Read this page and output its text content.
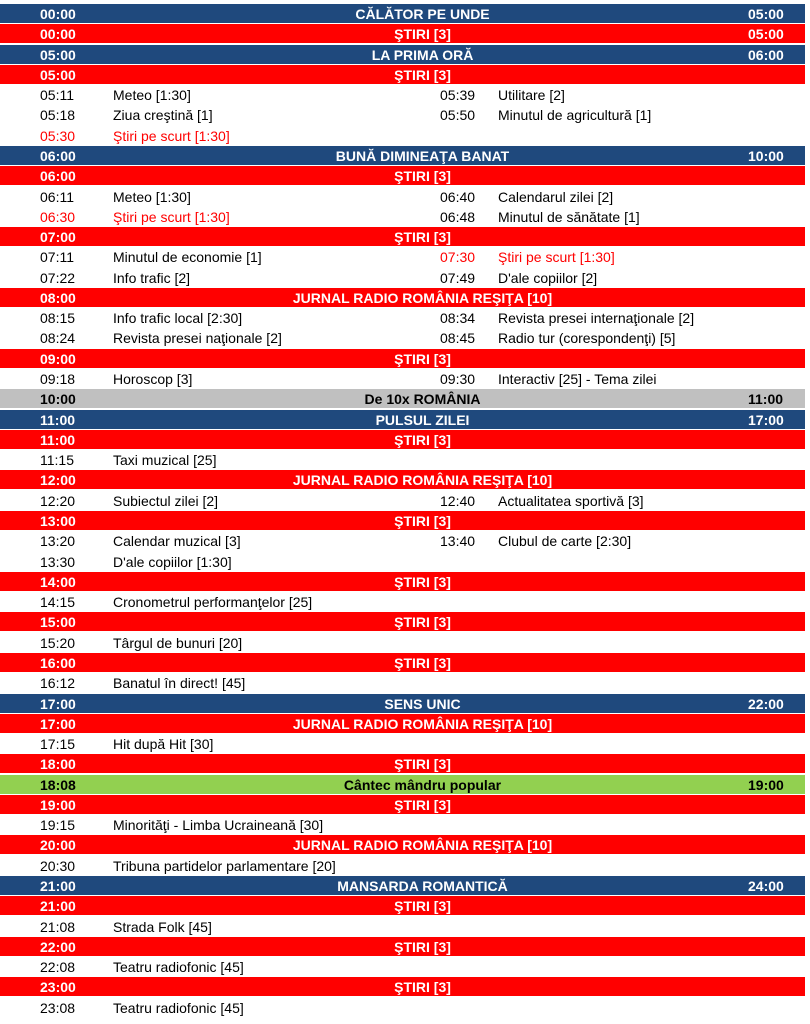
00:00	CĂLĂTOR PE UNDE	05:00
00:00	ŞTIRI [3]	05:00
05:00	LA PRIMA ORĂ	06:00
05:00	ŞTIRI [3]
05:11	Meteo [1:30]	05:39 Utilitare [2]
05:18	Ziua creştină [1]	05:50 Minutul de agricultură [1]
05:30	Ştiri pe scurt [1:30]
06:00	BUNĂ DIMINEAŢA BANAT	10:00
06:00	ŞTIRI [3]
06:11	Meteo [1:30]	06:40 Calendarul zilei [2]
06:30	Ştiri pe scurt [1:30]	06:48 Minutul de sănătate [1]
07:00	ŞTIRI [3]
07:11	Minutul de economie [1]	07:30 Ştiri pe scurt [1:30]
07:22	Info trafic [2]	07:49 D'ale copiilor [2]
08:00	JURNAL RADIO ROMÂNIA REŞIŢA [10]
08:15	Info trafic local [2:30]	08:34 Revista presei internaţionale [2]
08:24	Revista presei naţionale [2]	08:45 Radio tur (corespondenţi) [5]
09:00	ŞTIRI [3]
09:18	Horoscop [3]	09:30 Interactiv [25] - Tema zilei
10:00	De 10x ROMÂNIA	11:00
11:00	PULSUL ZILEI	17:00
11:00	ŞTIRI [3]
11:15	Taxi muzical [25]
12:00	JURNAL RADIO ROMÂNIA REŞIŢA [10]
12:20	Subiectul zilei [2]	12:40 Actualitatea sportivă [3]
13:00	ŞTIRI [3]
13:20	Calendar muzical [3]	13:40 Clubul de carte [2:30]
13:30	D'ale copiilor [1:30]
14:00	ŞTIRI [3]
14:15	Cronometrul performanţelor [25]
15:00	ŞTIRI [3]
15:20	Târgul de bunuri [20]
16:00	ŞTIRI [3]
16:12	Banatul în direct! [45]
17:00	SENS UNIC	22:00
17:00	JURNAL RADIO ROMÂNIA REŞIŢA [10]
17:15	Hit după Hit [30]
18:00	ŞTIRI [3]
18:08	Cântec mândru popular	19:00
19:00	ŞTIRI [3]
19:15	Minorităţi - Limba Ucraineană [30]
20:00	JURNAL RADIO ROMÂNIA REŞIŢA [10]
20:30	Tribuna partidelor parlamentare [20]
21:00	MANSARDA ROMANTICĂ	24:00
21:00	ŞTIRI [3]
21:08	Strada Folk [45]
22:00	ŞTIRI [3]
22:08	Teatru radiofonic [45]
23:00	ŞTIRI [3]
23:08	Teatru radiofonic [45]
